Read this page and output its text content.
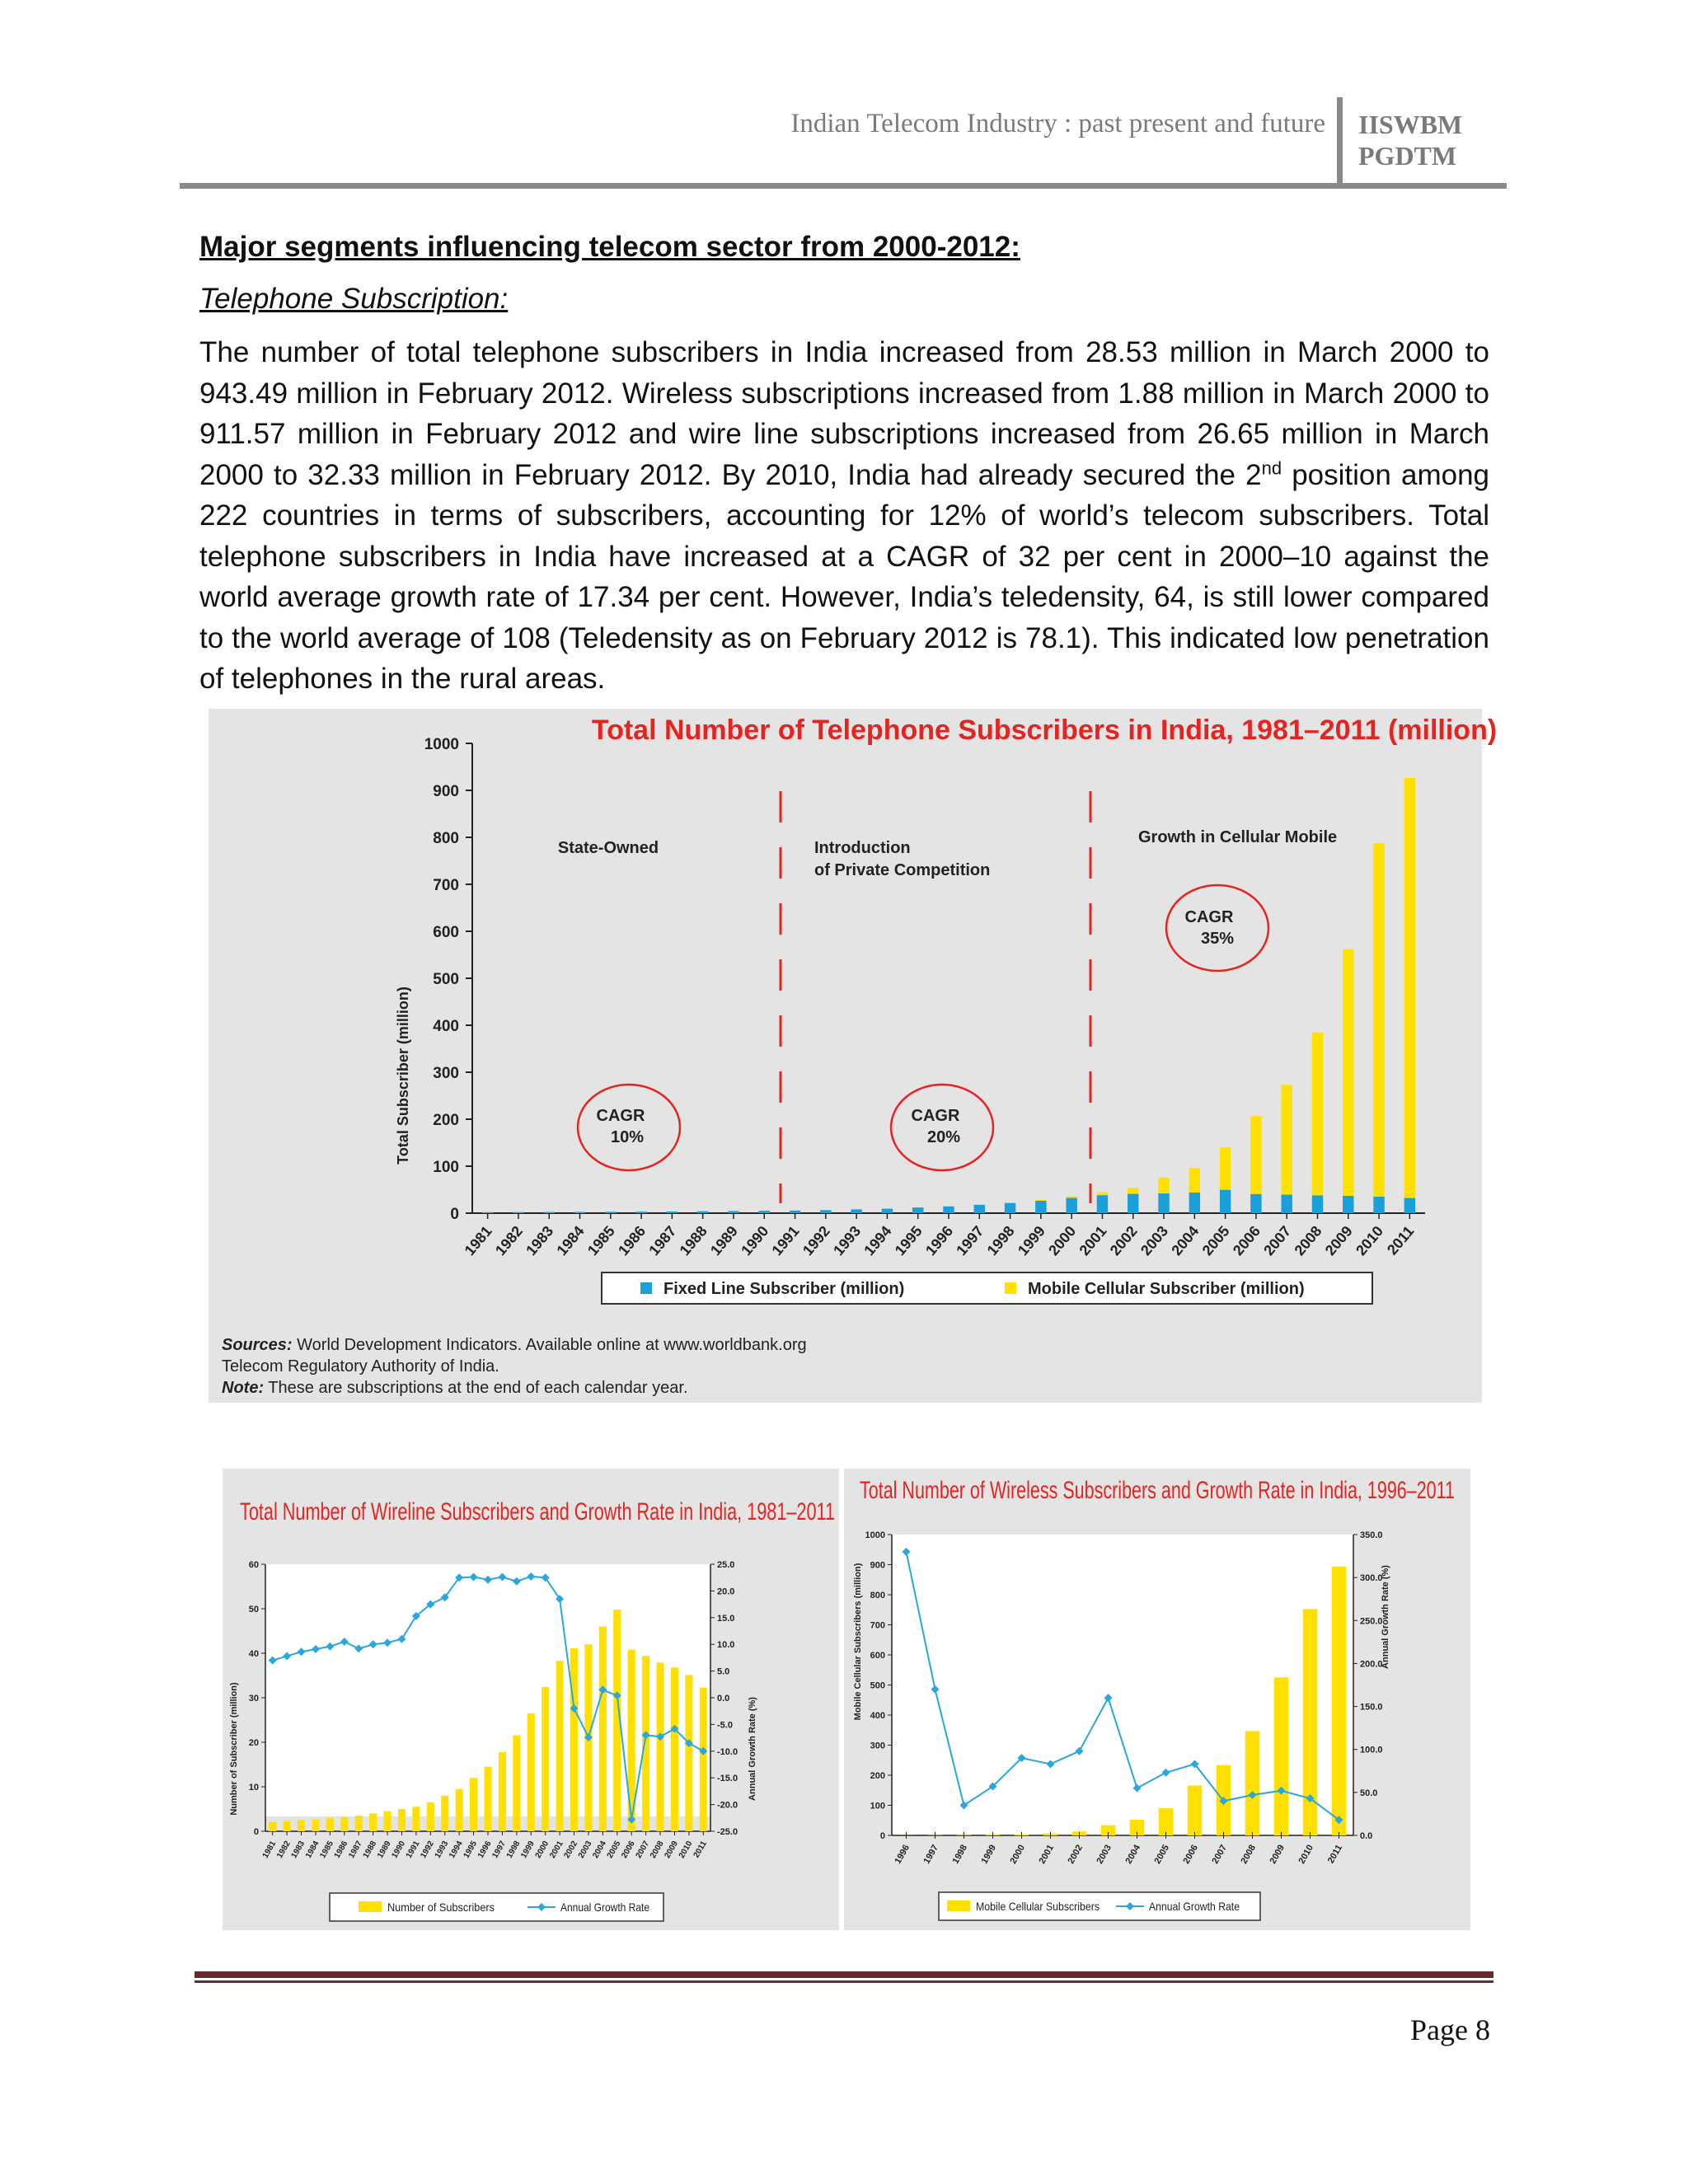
Indian Telecom Industry : past present and future IISWBM
PGDTM
Major segments influencing telecom sector from 2000-2012:
Telephone Subscription:
The number of total telephone subscribers in India increased from 28.53 million in March 2000 to 943.49 million in February 2012. Wireless subscriptions increased from 1.88 million in March 2000 to 911.57 million in February 2012 and wire line subscriptions increased from 26.65 million in March 2000 to 32.33 million in February 2012. By 2010, India had already secured the 2nd position among 222 countries in terms of subscribers, accounting for 12% of world’s telecom subscribers. Total telephone subscribers in India have increased at a CAGR of 32 per cent in 2000–10 against the world average growth rate of 17.34 per cent. However, India’s teledensity, 64, is still lower compared to the world average of 108 (Teledensity as on February 2012 is 78.1). This indicated low penetration of telephones in the rural areas.
Total Number of Telephone Subscribers in India, 1981–2011 (million)
Total Subscriber (million)
0
100
200
300
400
500
600
700
800
900
1000
1981
1982
1983
1984
1985
1986
1987
1988
1989
1990
1991
1992
1993
1994
1995
1996
1997
1998
1999
2000
2001
2002
2003
2004
2005
2006
2007
2008
2009
2010
2011
State-Owned	Introduction
of Private Competition
Growth in Cellular Mobile
CAGR
10%
CAGR
20%
CAGR
35%
Fixed Line Subscriber (million)	Mobile Cellular Subscriber (million)
Sources: World Development Indicators. Available online at www.worldbank.org
Telecom Regulatory Authority of India.
Note: These are subscriptions at the end of each calendar year.
Total Number of Wireline Subscribers and Growth Rate in India, 1981–2011
Number of Subscriber (million)	Annual Growth Rate (%)
0
10
20
30
40
50
60
-25.0
-20.0
-15.0
-10.0
-5.0
0.0
5.0
10.0
15.0
20.0
25.0
1981
1982
1983
1984
1985
1986
1987
1988
1989
1990
1991
1992
1993
1994
1995
1996
1997
1998
1999
2000
2001
2002
2003
2004
2005
2006
2007
2008
2009
2010
2011
Number of Subscribers	Annual Growth Rate
Total Number of Wireless Subscribers and Growth Rate in India, 1996–2011
Mobile Cellular Subscribers (million)	Annual Growth Rate (%)
0
100
200
300
400
500
600
700
800
900
1000
0.0
50.0
100.0
150.0
200.0
250.0
300.0
350.0
1996 1997 1998 1999 2000 2001 2002 2003 2004 2005 2006 2007 2008 2009 2010 2011
Mobile Cellular Subscribers	Annual Growth Rate
Page 8
